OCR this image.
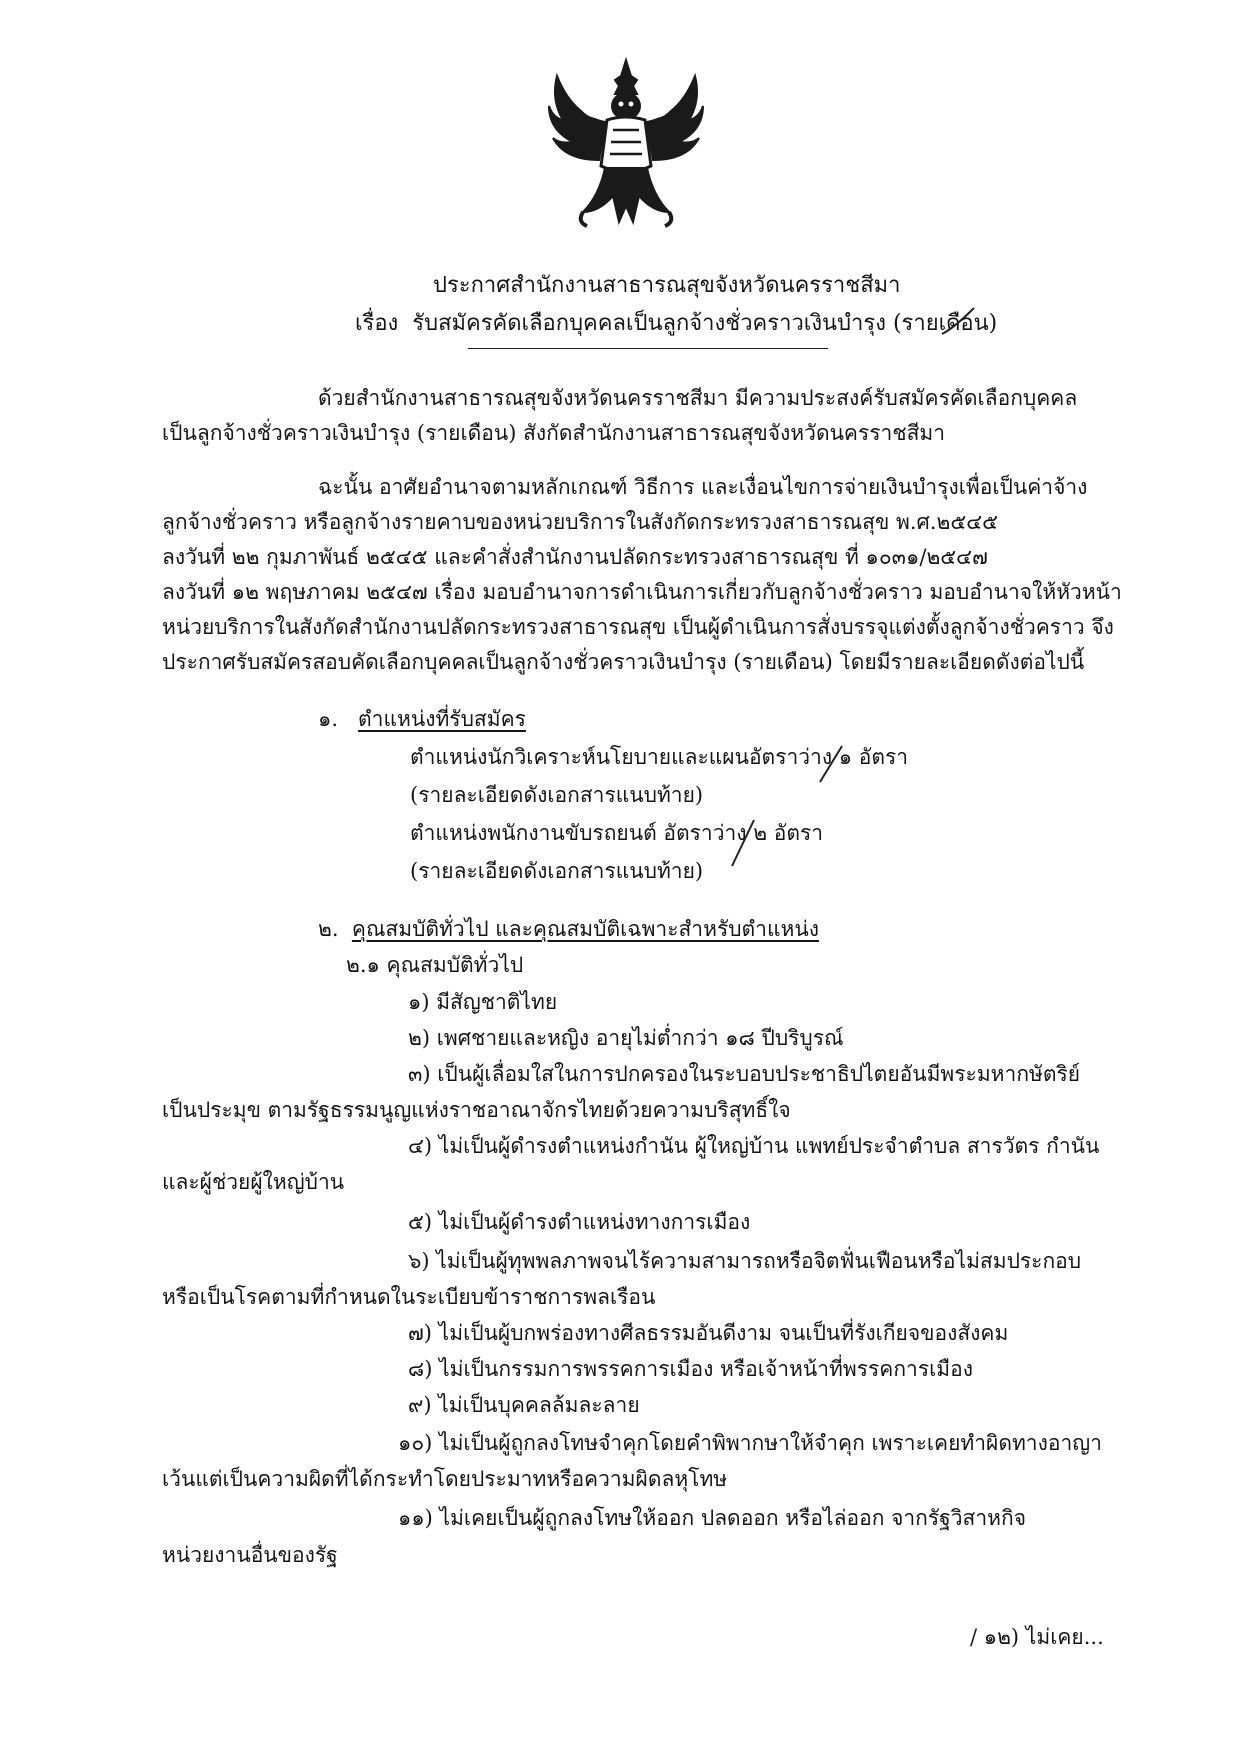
ประกาศสำนักงานสาธารณสุขจังหวัดนครราชสีมา
เรื่อง รับสมัครคัดเลือกบุคคลเป็นลูกจ้างชั่วคราวเงินบำรุง (รายเดือน)
ด้วยสำนักงานสาธารณสุขจังหวัดนครราชสีมา มีความประสงค์รับสมัครคัดเลือกบุคคล
เป็นลูกจ้างชั่วคราวเงินบำรุง (รายเดือน) สังกัดสำนักงานสาธารณสุขจังหวัดนครราชสีมา
ฉะนั้น อาศัยอำนาจตามหลักเกณฑ์ วิธีการ และเงื่อนไขการจ่ายเงินบำรุงเพื่อเป็นค่าจ้าง
ลูกจ้างชั่วคราว หรือลูกจ้างรายคาบของหน่วยบริการในสังกัดกระทรวงสาธารณสุข พ.ศ.๒๕๔๕
ลงวันที่ ๒๒ กุมภาพันธ์ ๒๕๔๕ และคำสั่งสำนักงานปลัดกระทรวงสาธารณสุข ที่ ๑๐๓๑/๒๕๔๗
ลงวันที่ ๑๒ พฤษภาคม ๒๕๔๗ เรื่อง มอบอำนาจการดำเนินการเกี่ยวกับลูกจ้างชั่วคราว มอบอำนาจให้หัวหน้า
หน่วยบริการในสังกัดสำนักงานปลัดกระทรวงสาธารณสุข เป็นผู้ดำเนินการสั่งบรรจุแต่งตั้งลูกจ้างชั่วคราว จึง
ประกาศรับสมัครสอบคัดเลือกบุคคลเป็นลูกจ้างชั่วคราวเงินบำรุง (รายเดือน) โดยมีรายละเอียดดังต่อไปนี้
๑. ตำแหน่งที่รับสมัคร
ตำแหน่งนักวิเคราะห์นโยบายและแผนอัตราว่าง ๑ อัตรา
(รายละเอียดดังเอกสารแนบท้าย)
ตำแหน่งพนักงานขับรถยนต์ อัตราว่าง ๒ อัตรา
(รายละเอียดดังเอกสารแนบท้าย)
๒. คุณสมบัติทั่วไป และคุณสมบัติเฉพาะสำหรับตำแหน่ง
๒.๑ คุณสมบัติทั่วไป
๑) มีสัญชาติไทย
๒) เพศชายและหญิง อายุไม่ต่ำกว่า ๑๘ ปีบริบูรณ์
๓) เป็นผู้เลื่อมใสในการปกครองในระบอบประชาธิปไตยอันมีพระมหากษัตริย์
เป็นประมุข ตามรัฐธรรมนูญแห่งราชอาณาจักรไทยด้วยความบริสุทธิ์ใจ
๔) ไม่เป็นผู้ดำรงตำแหน่งกำนัน ผู้ใหญ่บ้าน แพทย์ประจำตำบล สารวัตร กำนัน
และผู้ช่วยผู้ใหญ่บ้าน
๕) ไม่เป็นผู้ดำรงตำแหน่งทางการเมือง
๖) ไม่เป็นผู้ทุพพลภาพจนไร้ความสามารถหรือจิตฟั่นเฟือนหรือไม่สมประกอบ
หรือเป็นโรคตามที่กำหนดในระเบียบข้าราชการพลเรือน
๗) ไม่เป็นผู้บกพร่องทางศีลธรรมอันดีงาม จนเป็นที่รังเกียจของสังคม
๘) ไม่เป็นกรรมการพรรคการเมือง หรือเจ้าหน้าที่พรรคการเมือง
๙) ไม่เป็นบุคคลล้มละลาย
๑๐) ไม่เป็นผู้ถูกลงโทษจำคุกโดยคำพิพากษาให้จำคุก เพราะเคยทำผิดทางอาญา
เว้นแต่เป็นความผิดที่ได้กระทำโดยประมาทหรือความผิดลหุโทษ
๑๑) ไม่เคยเป็นผู้ถูกลงโทษให้ออก ปลดออก หรือไล่ออก จากรัฐวิสาหกิจ
หน่วยงานอื่นของรัฐ
/ ๑๒) ไม่เคย...
